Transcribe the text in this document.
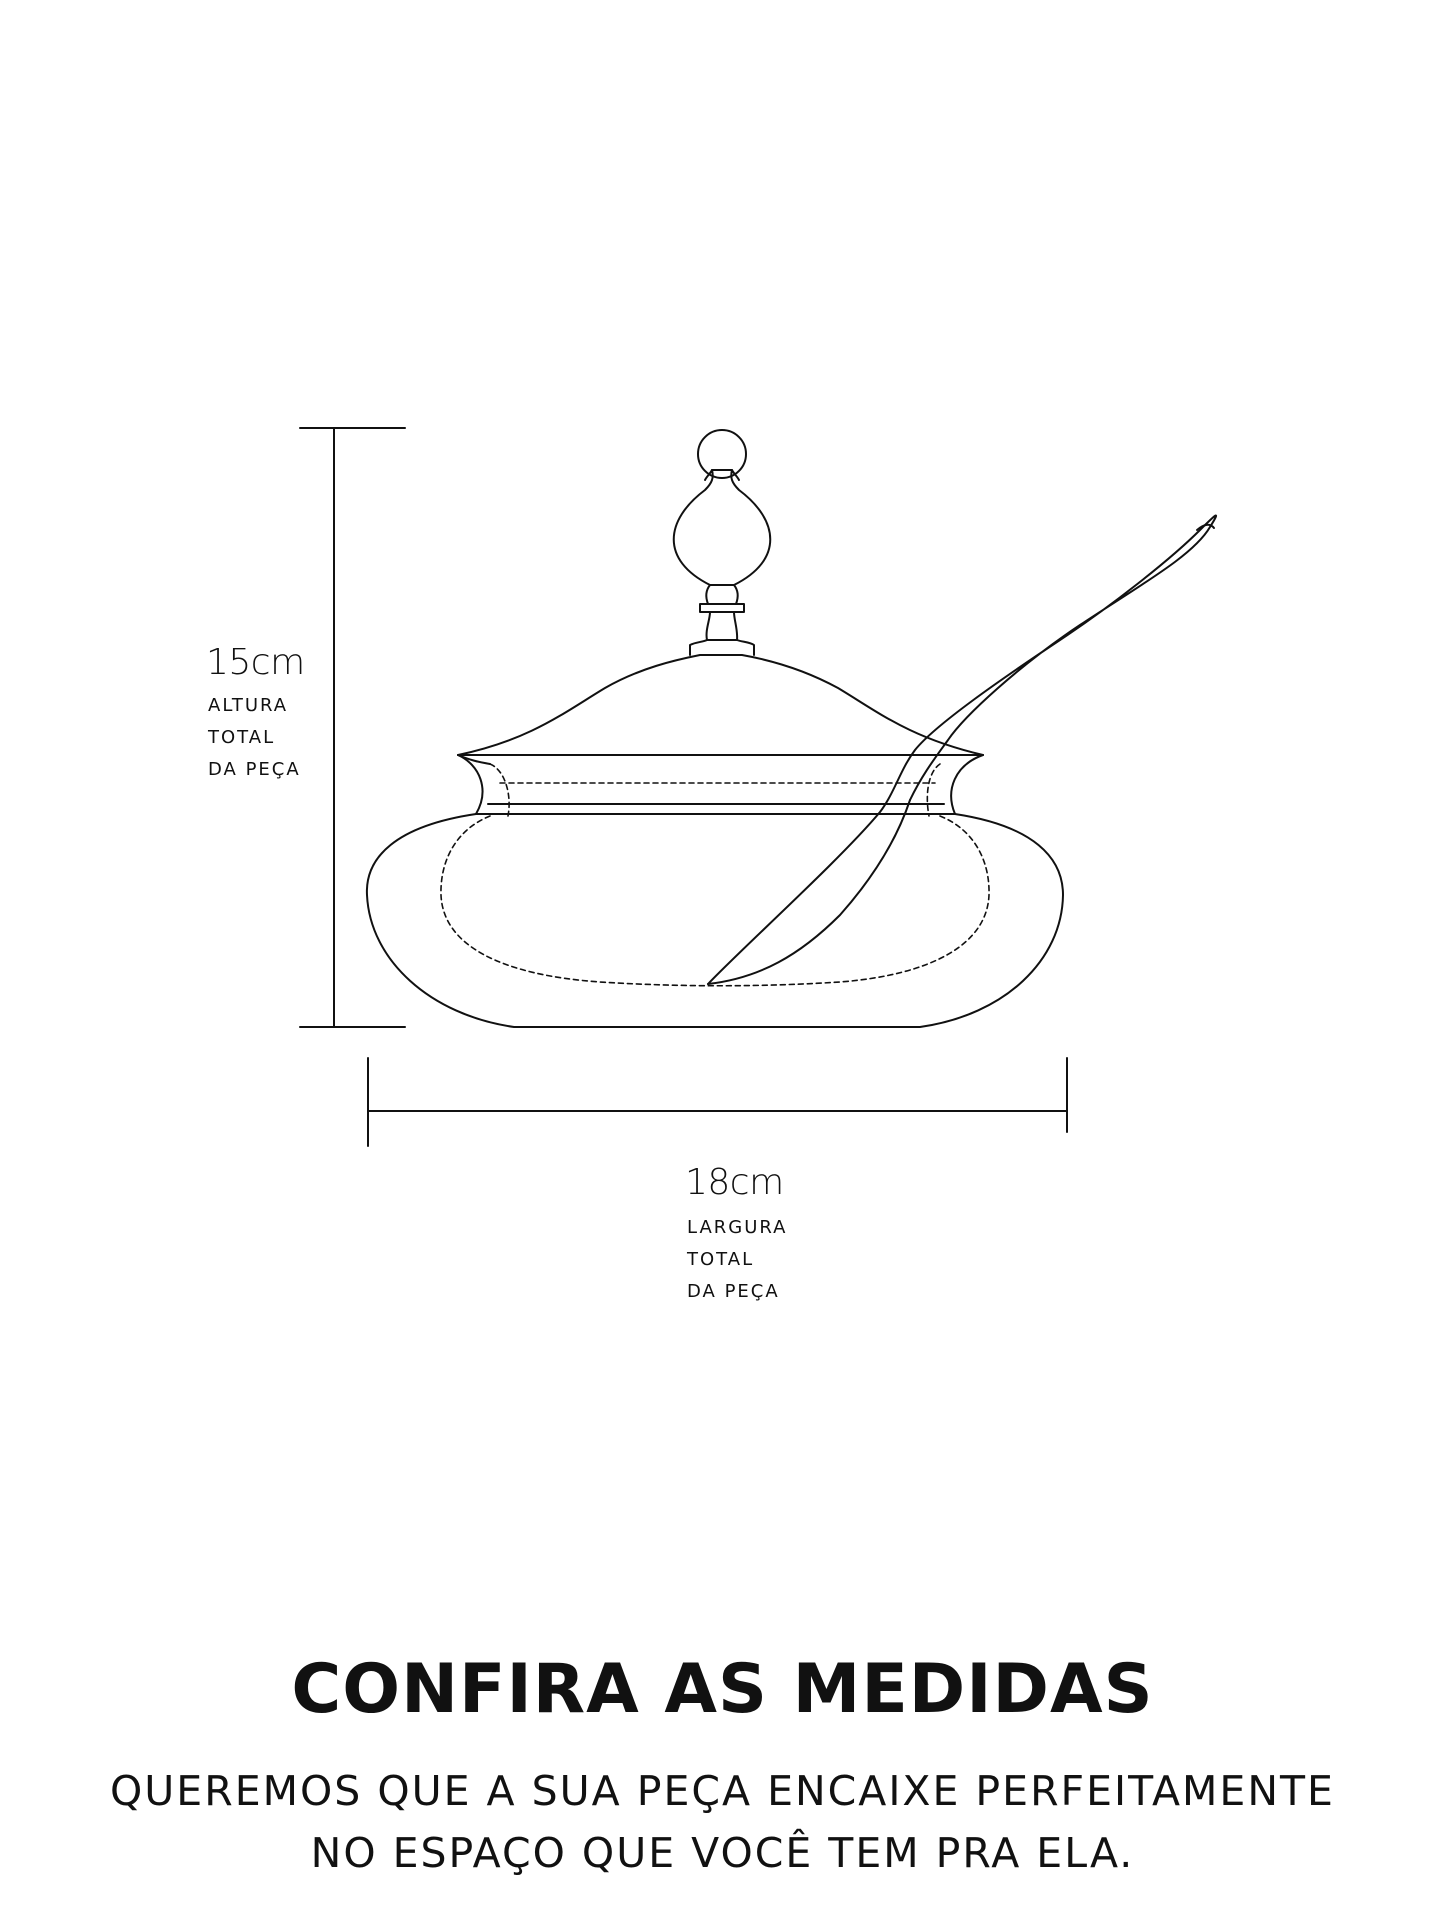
15cm
ALTURA
TOTAL
DA PEÇA
18cm
LARGURA
TOTAL
DA PEÇA
CONFIRA AS MEDIDAS
QUEREMOS QUE A SUA PEÇA ENCAIXE PERFEITAMENTE
NO ESPAÇO QUE VOCÊ TEM PRA ELA.
